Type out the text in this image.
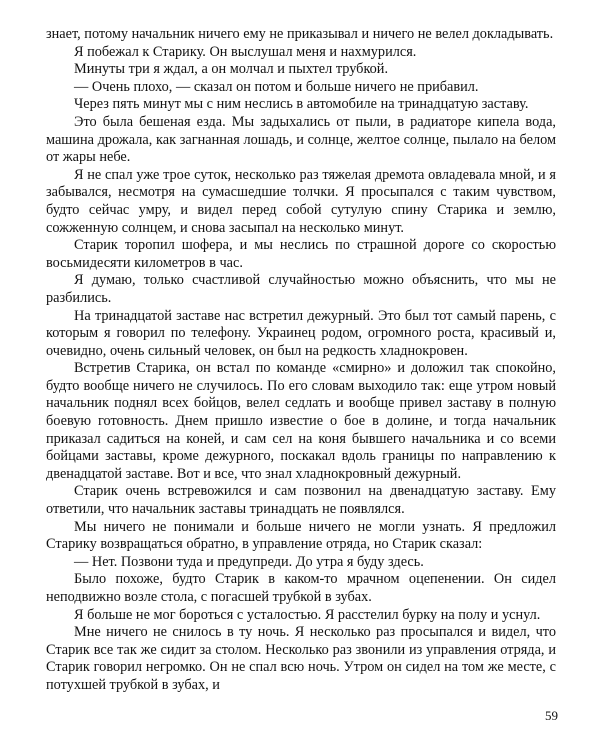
знает, потому начальник ничего ему не приказывал и ничего не велел докладывать.

Я побежал к Старику. Он выслушал меня и нахмурился.

Минуты три я ждал, а он молчал и пыхтел трубкой.

— Очень плохо, — сказал он потом и больше ничего не прибавил.

Через пять минут мы с ним неслись в автомобиле на тринадцатую заставу.

Это была бешеная езда. Мы задыхались от пыли, в радиаторе кипела вода, машина дрожала, как загнанная лошадь, и солнце, желтое солнце, пылало на белом от жары небе.

Я не спал уже трое суток, несколько раз тяжелая дремота овладевала мной, и я забывался, несмотря на сумасшедшие толчки. Я просыпался с таким чувством, будто сейчас умру, и видел перед собой сутулую спину Старика и землю, сожженную солнцем, и снова засыпал на несколько минут.

Старик торопил шофера, и мы неслись по страшной дороге со скоростью восьмидесяти километров в час.

Я думаю, только счастливой случайностью можно объяснить, что мы не разбились.

На тринадцатой заставе нас встретил дежурный. Это был тот самый парень, с которым я говорил по телефону. Украинец родом, огромного роста, красивый и, очевидно, очень сильный человек, он был на редкость хладнокровен.

Встретив Старика, он встал по команде «смирно» и доложил так спокойно, будто вообще ничего не случилось. По его словам выходило так: еще утром новый начальник поднял всех бойцов, велел седлать и вообще привел заставу в полную боевую готовность. Днем пришло известие о бое в долине, и тогда начальник приказал садиться на коней, и сам сел на коня бывшего начальника и со всеми бойцами заставы, кроме дежурного, поскакал вдоль границы по направлению к двенадцатой заставе. Вот и все, что знал хладнокровный дежурный.

Старик очень встревожился и сам позвонил на двенадцатую заставу. Ему ответили, что начальник заставы тринадцать не появлялся.

Мы ничего не понимали и больше ничего не могли узнать. Я предложил Старику возвращаться обратно, в управление отряда, но Старик сказал:

— Нет. Позвони туда и предупреди. До утра я буду здесь.

Было похоже, будто Старик в каком-то мрачном оцепенении. Он сидел неподвижно возле стола, с погасшей трубкой в зубах.

Я больше не мог бороться с усталостью. Я расстелил бурку на полу и уснул.

Мне ничего не снилось в ту ночь. Я несколько раз просыпался и видел, что Старик все так же сидит за столом. Несколько раз звонили из управления отряда, и Старик говорил негромко. Он не спал всю ночь. Утром он сидел на том же месте, с потухшей трубкой в зубах, и

59
